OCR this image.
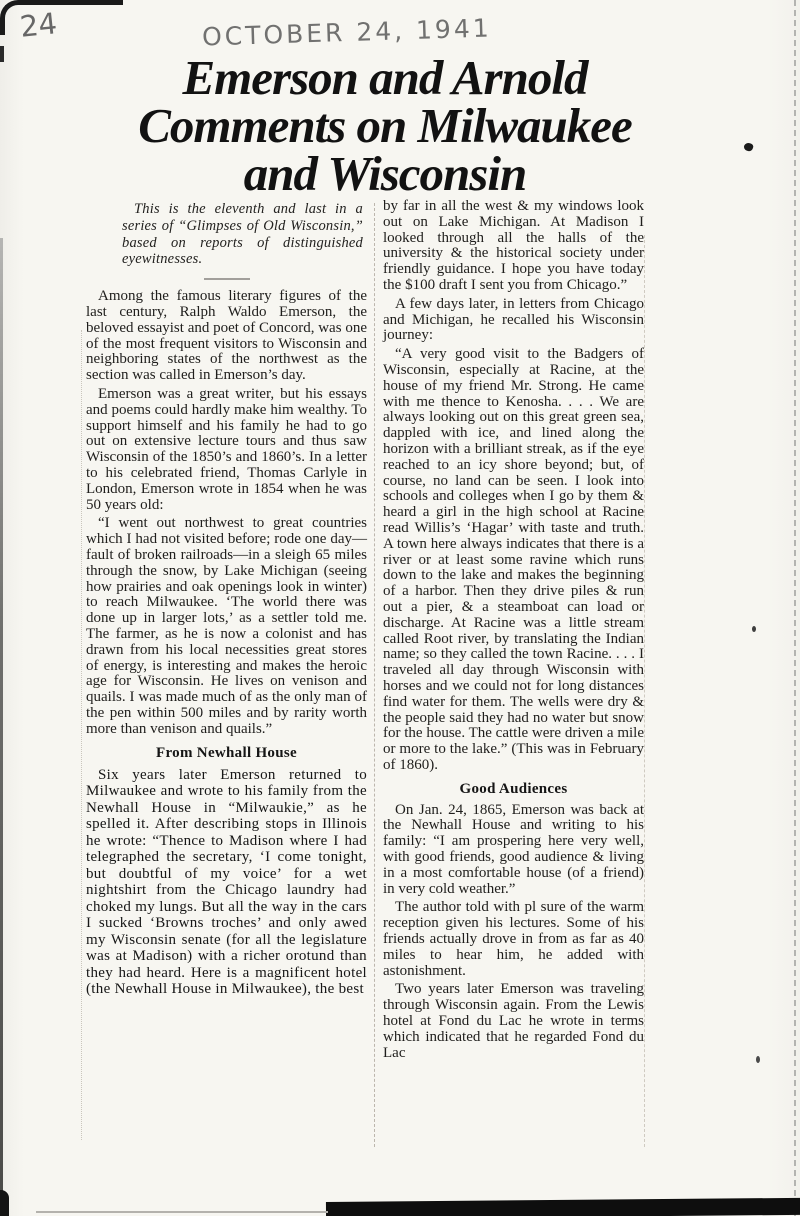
24	OCTOBER 24, 1941
Emerson and Arnold
Comments on Milwaukee
and Wisconsin

This is the eleventh and last in a series of “Glimpses of Old Wisconsin,” based on reports of distinguished eyewitnesses.

Among the famous literary figures of the last century, Ralph Waldo Emerson, the beloved essayist and poet of Concord, was one of the most frequent visitors to Wisconsin and neighboring states of the northwest as the section was called in Emerson’s day.

Emerson was a great writer, but his essays and poems could hardly make him wealthy. To support himself and his family he had to go out on extensive lecture tours and thus saw Wisconsin of the 1850’s and 1860’s. In a letter to his celebrated friend, Thomas Carlyle in London, Emerson wrote in 1854 when he was 50 years old:

“I went out northwest to great countries which I had not visited before; rode one day—fault of broken railroads—in a sleigh 65 miles through the snow, by Lake Michigan (seeing how prairies and oak openings look in winter) to reach Milwaukee. ‘The world there was done up in larger lots,’ as a settler told me. The farmer, as he is now a colonist and has drawn from his local necessities great stores of energy, is interesting and makes the heroic age for Wisconsin. He lives on venison and quails. I was made much of as the only man of the pen within 500 miles and by rarity worth more than venison and quails.”

From Newhall House

Six years later Emerson returned to Milwaukee and wrote to his family from the Newhall House in “Milwaukie,” as he spelled it. After describing stops in Illinois he wrote: “Thence to Madison where I had telegraphed the secretary, ‘I come tonight, but doubtful of my voice’ for a wet nightshirt from the Chicago laundry had choked my lungs. But all the way in the cars I sucked ‘Browns troches’ and only awed my Wisconsin senate (for all the legislature was at Madison) with a richer orotund than they had heard. Here is a magnificent hotel (the Newhall House in Milwaukee), the best

by far in all the west & my windows look out on Lake Michigan. At Madison I looked through all the halls of the university & the historical society under friendly guidance. I hope you have today the $100 draft I sent you from Chicago.”

A few days later, in letters from Chicago and Michigan, he recalled his Wisconsin journey:

“A very good visit to the Badgers of Wisconsin, especially at Racine, at the house of my friend Mr. Strong. He came with me thence to Kenosha. . . . We are always looking out on this great green sea, dappled with ice, and lined along the horizon with a brilliant streak, as if the eye reached to an icy shore beyond; but, of course, no land can be seen. I look into schools and colleges when I go by them & heard a girl in the high school at Racine read Willis’s ‘Hagar’ with taste and truth. A town here always indicates that there is a river or at least some ravine which runs down to the lake and makes the beginning of a harbor. Then they drive piles & run out a pier, & a steamboat can load or discharge. At Racine was a little stream called Root river, by translating the Indian name; so they called the town Racine. . . . I traveled all day through Wisconsin with horses and we could not for long distances find water for them. The wells were dry & the people said they had no water but snow for the house. The cattle were driven a mile or more to the lake.” (This was in February of 1860).

Good Audiences

On Jan. 24, 1865, Emerson was back at the Newhall House and writing to his family: “I am prospering here very well, with good friends, good audience & living in a most comfortable house (of a friend) in very cold weather.”

The author told with pl sure of the warm reception given his lectures. Some of his friends actually drove in from as far as 40 miles to hear him, he added with astonishment.

Two years later Emerson was traveling through Wisconsin again. From the Lewis hotel at Fond du Lac he wrote in terms which indicated that he regarded Fond du Lac
